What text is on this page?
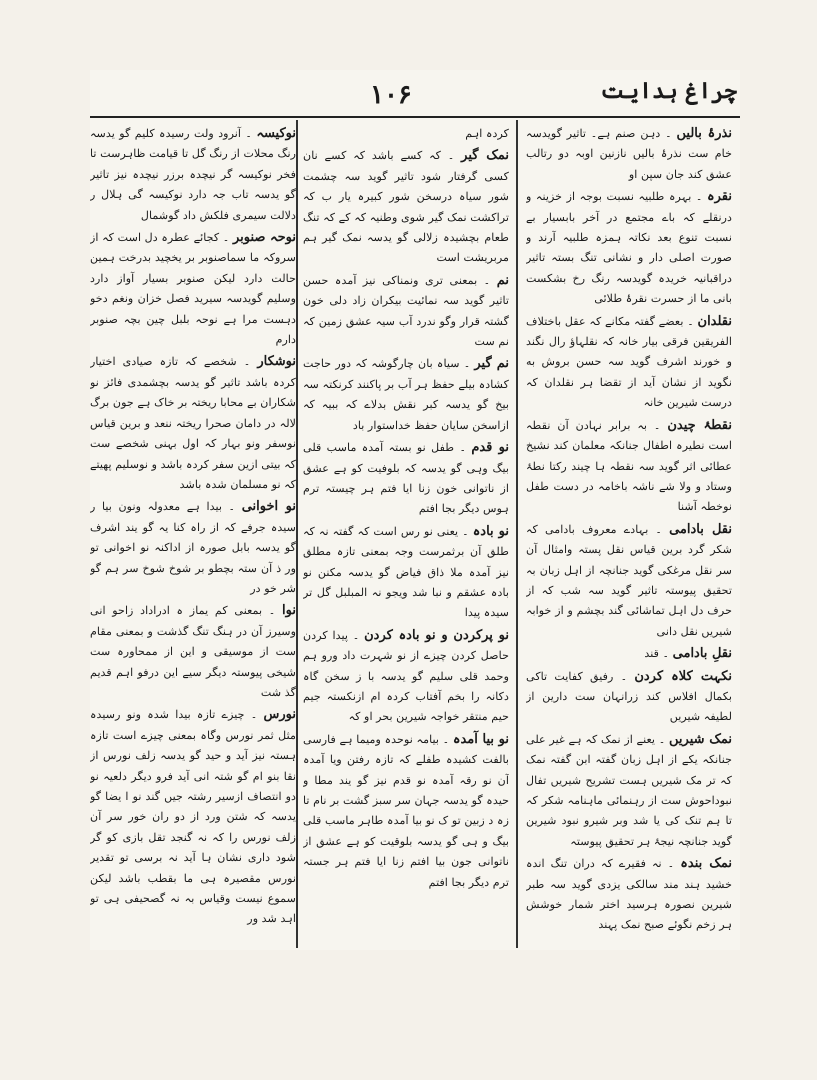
چراغ ہدایت
۱۰۶

نذرۂ بالیں ۔ دہن صنم ہے۔ تاثیر گویدسہ خام ست نذرۂ بالیں نازنین اوبہ دو رتالب عشق کند جان سپن او

نقرہ ۔ بہرہ طلبیہ نسبت بوجہ از خزینہ و درنقلے کہ باے مجتمع در آخر بابسیار بے نسبت تنوع بعد نکاتہ ہمزہ طلبیہ آرند و صورت اصلی دار و نشانی تنگ بستہ تاثیر دراقبانیہ خریدہ گویدسہ رنگ رخ بشکست بانی ما از حسرت نقرۂ طلائی

نقلدان ۔ بعضے گفتہ مکانے کہ عقل باختلاف الفریقین فرقی بیار خانہ کہ نقلہاؤ رال نگند و خورند اشرف گوید سہ حسن بروش به نگوید از نشان آید از تقضا ہر نقلدان کہ درست شیرین خانہ

نقطۂ چیدن ۔ بہ برابر نہادن آن نقطہ است نطیرہ اطفال جنانکہ معلمان کند نشیخ عطائی اثر گوید سہ نقطہ ہا چیند رکتا نطۂ وستاد و ولا شے ناشہ باخامہ در دست طفل نوخطہ آشنا

نقل بادامی ۔ بہادے معروف بادامی کہ شکر گرد برین قیاس نقل پستہ وامثال آن سر نقل مرغکی گوید جنانچہ از اہل زبان بہ تحقیق پیوستہ تاثیر گوید سہ شب کہ از حرف دل اہل تماشائی گند بچشم و از خوابہ شیریں نقل دانی

نقلِ بادامی ۔ قند

نکہت کلاہ کردن ۔ رفیق کفایت تاکی بکمال افلاس کند زرانہان ست دارین از لطیفہ شیریں

نمک شیریں ۔ یعنے از نمک کہ ہے غیر علی جنانکہ یکے از اہل زبان گفتہ ابن گفتہ نمک کہ تر مک شیریں ہست تشریح شیریں تفال نبوداحوش ست از رہنمائی ماہنامہ شکر کہ تا ہم تنک کی یا شد وبر شیرو نبود شیرین گوید جنانچہ نیجۂ ہر تحقیق پیوستہ

نمک بندہ ۔ نہ فقیرے کہ دران تنگ اندہ خشید ہند مند سالکی یزدی گوید سہ طبر شیرین نصورہ ہرسید اختر شمار خوشش ہر زخم نگوئے صبح نمک پہند

کردہ اہم

نمک گیر ۔ کہ کسے باشد کہ کسے نان کسی گرفتار شود تاثیر گوید سہ چشمت شور سیاہ درسخن شور کبیرہ یار ب کہ تراکشت نمک گیر شوی وطنیہ کہ کے کہ تنگ طعام بچشیدہ زلالی گو یدسہ نمک گیر ہم مربریشت است

نم ۔ بمعنی تری ونمناکی نیز آمدہ حسن تاثیر گوید سہ نمائیت بیکران زاد دلی خون گشتہ قرار وگو ندرد آب سیہ عشق زمین کہ نم ست

نم گیر ۔ سیاہ بان چارگوشہ کہ دور حاجت کشادہ بیلے حفظ ہر آب بر پاکنند کرنکتہ سہ بیخ گو یدسہ کبر نقش بدلاے کہ ببیہ کہ ازاسخن سایان حفظ خداستوار باد

نو قدم ۔ طفل نو بستہ آمدہ ماسب قلی بیگ وہی گو یدسہ کہ بلوفیت کو ہے عشق از ناتوانی خون زنا ایا فتم ہر چیستہ ترم ہوس دیگر بجا افتم

نو بادہ ۔ یعنی نو رس است کہ گفتہ نہ کہ طلق آن برثمرست وجہ بمعنی تازہ مطلق نیز آمدہ ملا ذاق فیاض گو یدسہ مکنن نو بادہ عشقم و نبا شد ویجو نہ المبلبل گل تر سیدہ پیدا

نو پرکردن و نو بادہ کردن ۔ پیدا کردن حاصل کردن چیزے از نو شہرت داد ورو ہم وحمد قلی سلیم گو یدسہ با ز سخن گاہ دکانہ را بخم آفتاب کردہ ام ازنکستہ جیم حیم منتقر خواجہ شیرین بحر او کہ

نو بیا آمدہ ۔ بیامہ نوحدہ ومیما ہے فارسی بالفت کشیدہ طفلے کہ تازہ رفتن ویا آمدہ آن نو رقہ آمدہ نو قدم نیز گو یند مطا و حیدہ گو یدسہ جہان سر سبز گشت بر نام تا زہ د زبین تو ک نو بیا آمدہ طاہر ماسب قلی بیگ و ہی گو یدسہ بلوقیت کو ہے عشق از ناتوانی جون بیا افتم زنا ایا فتم ہر جستہ ترم دیگر بجا افتم

نوکیسہ ۔ آنرود ولت رسیدہ کلیم گو یدسہ رنگ محلات از رنگ گل تا قیامت ظاہرست تا فخر نوکیسہ گر نیچدہ برزر نیچدہ نیز تاثیر گو یدسہ تاب جہ دارد نوکیسہ گی ہلال ر دلالت سیمری فلکش داد گوشمال

نوحہ صنوبر ۔ کجائے عطرہ دل است کہ از سروکہ ما سماصنوبر بر یخچید بدرخت ہمین حالت دارد لیکن صنوبر بسیار آواز دارد وسلیم گویدسہ سیرید فصل خزان ونغم دخو دہست مرا ہے نوحہ بلبل چین بچہ صنوبر دارم

نوشکار ۔ شخصے کہ تازہ صیادی اختیار کردہ باشد تاثیر گو یدسہ بچشمدی فائز نو شکاران بے محابا ریختہ بر خاک ہے جون برگ لالہ در دامان صحرا ریختہ ننعد و برین قیاس نوسفر ونو بہار کہ اول بہنی شخصے ست کہ بیتی ازین سفر کردہ باشد و نوسلیم پھیتے کہ نو مسلمان شدہ باشد

نو اخوانی ۔ بیدا ہے معدولہ ونون بیا ر سیدہ جرفے کہ از راہ کنا یہ گو یند اشرف گو یدسہ بابل صورہ از اداکنہ نو اخوانی تو ور ذ آن ستہ بچطو بر شوخ شوخ سر ہم گو شر خو در

نوا ۔ بمعنی کم یماز ہ ادراداد زاحو انی وسیرز آن در ہنگ تنگ گذشت و بمعنی مقام ست از موسیقی و این از ممحاورہ ست شیخی پیوستہ دیگر سیے این درفو اہم قدیم گذ شت

نورس ۔ چیزے تازہ بیدا شدہ ونو رسیدہ مثل ثمر نورس وگاہ بمعنی چیزے است تازہ ہستہ نیز آید و حید گو یدسہ زلف نورس از نقا بنو ام گو شتہ انی آید فرو دیگر دلعیہ نو دو انتصاف ازسیر رشتہ جیں گند نو ا یضا گو یدسہ کہ شتن ورد از دو ران خور سر آن زلف نورس را کہ نہ گنجد تقل بازی کو گر شود داری نشان ہا آید نہ برسی تو تقدیر نورس مقصیرہ ہی ما بقطب باشد لیکن سموع نیست وقیاس بہ نہ گصحیفی ہی تو اہد شد ور
